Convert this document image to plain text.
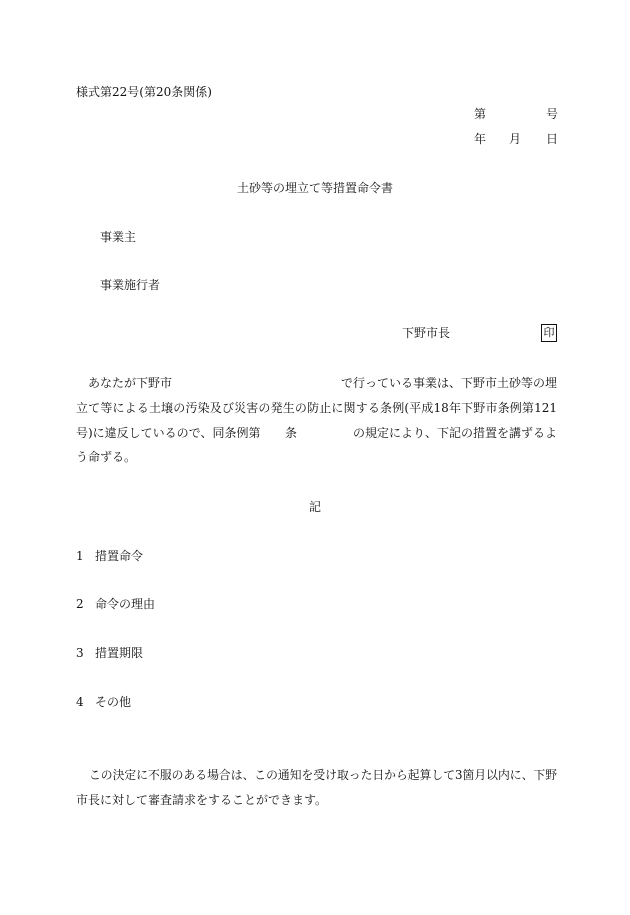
様式第22号(第20条関係)
第	号
年 月 日
土砂等の埋立て等措置命令書
事業主
事業施行者
下野市長	印
あなたが下野市	で行っている事業は、下野市土砂等の埋
立て等による土壌の汚染及び災害の発生の防止に関する条例(平成18年下野市条例第121
号)に違反しているので、同条例第 条	の規定により、下記の措置を講ずるよ
う命ずる。
記
1 措置命令
2 命令の理由
3 措置期限
4 その他
この決定に不服のある場合は、この通知を受け取った日から起算して3箇月以内に、下野
市長に対して審査請求をすることができます。
